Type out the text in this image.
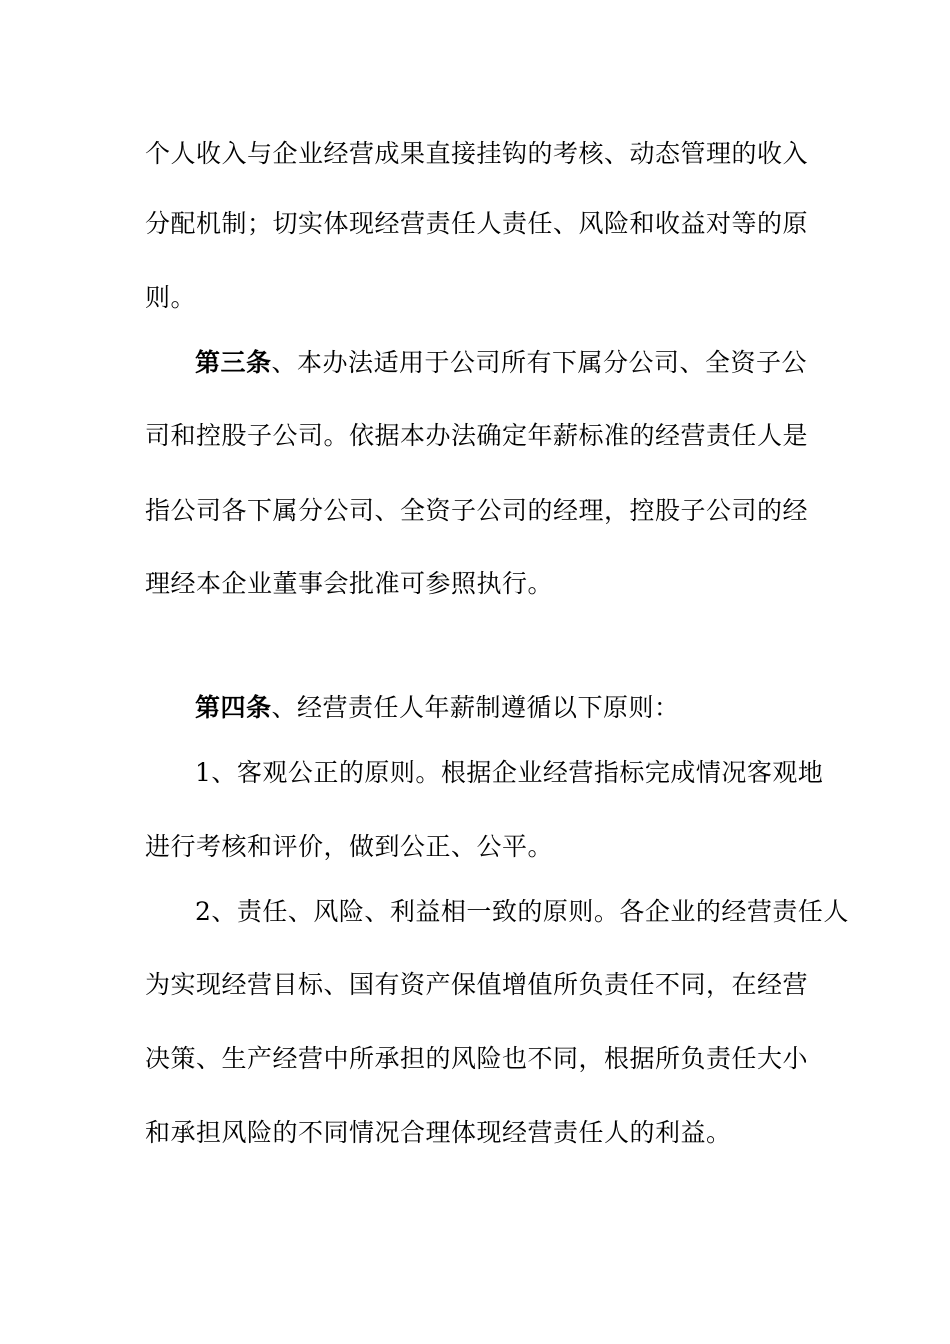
个人收入与企业经营成果直接挂钩的考核、动态管理的收入
分配机制；切实体现经营责任人责任、风险和收益对等的原
则。
第三条、本办法适用于公司所有下属分公司、全资子公
司和控股子公司。依据本办法确定年薪标准的经营责任人是
指公司各下属分公司、全资子公司的经理，控股子公司的经
理经本企业董事会批准可参照执行。
第四条、经营责任人年薪制遵循以下原则：
1、客观公正的原则。根据企业经营指标完成情况客观地
进行考核和评价，做到公正、公平。
2、责任、风险、利益相一致的原则。各企业的经营责任人
为实现经营目标、国有资产保值增值所负责任不同，在经营
决策、生产经营中所承担的风险也不同，根据所负责任大小
和承担风险的不同情况合理体现经营责任人的利益。
